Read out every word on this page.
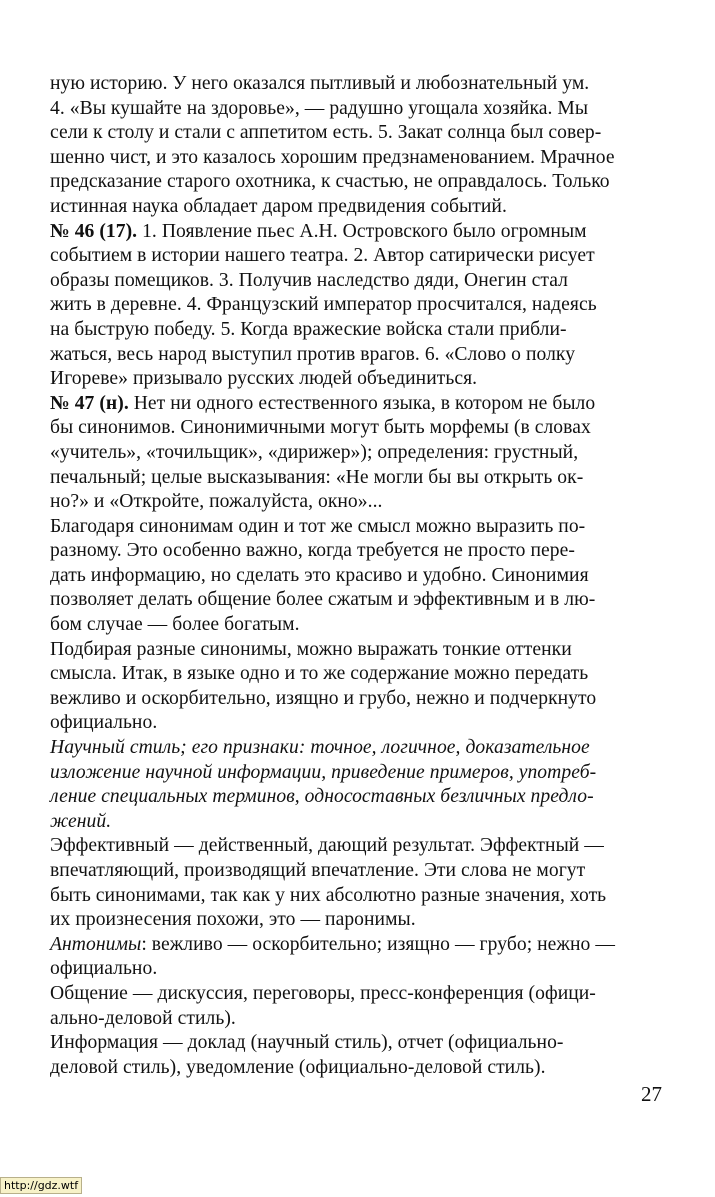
ную историю. У него оказался пытливый и любознательный ум.
4. «Вы кушайте на здоровье», — радушно угощала хозяйка. Мы
сели к столу и стали с аппетитом есть. 5. Закат солнца был совер-
шенно чист, и это казалось хорошим предзнаменованием. Мрачное
предсказание старого охотника, к счастью, не оправдалось. Только
истинная наука обладает даром предвидения событий.

№ 46 (17). 1. Появление пьес А.Н. Островского было огромным
событием в истории нашего театра. 2. Автор сатирически рисует
образы помещиков. 3. Получив наследство дяди, Онегин стал
жить в деревне. 4. Французский император просчитался, надеясь
на быструю победу. 5. Когда вражеские войска стали прибли-
жаться, весь народ выступил против врагов. 6. «Слово о полку
Игореве» призывало русских людей объединиться.

№ 47 (н). Нет ни одного естественного языка, в котором не было
бы синонимов. Синонимичными могут быть морфемы (в словах
«учитель», «точильщик», «дирижер»); определения: грустный,
печальный; целые высказывания: «Не могли бы вы открыть ок-
но?» и «Откройте, пожалуйста, окно»...

Благодаря синонимам один и тот же смысл можно выразить по-
разному. Это особенно важно, когда требуется не просто пере-
дать информацию, но сделать это красиво и удобно. Синонимия
позволяет делать общение более сжатым и эффективным и в лю-
бом случае — более богатым.

Подбирая разные синонимы, можно выражать тонкие оттенки
смысла. Итак, в языке одно и то же содержание можно передать
вежливо и оскорбительно, изящно и грубо, нежно и подчеркнуто
официально.

Научный стиль; его признаки: точное, логичное, доказательное
изложение научной информации, приведение примеров, употреб-
ление специальных терминов, односоставных безличных предло-
жений.

Эффективный — действенный, дающий результат. Эффектный —
впечатляющий, производящий впечатление. Эти слова не могут
быть синонимами, так как у них абсолютно разные значения, хоть
их произнесения похожи, это — паронимы.

Антонимы: вежливо — оскорбительно; изящно — грубо; нежно —
официально.

Общение — дискуссия, переговоры, пресс-конференция (офици-
ально-деловой стиль).

Информация — доклад (научный стиль), отчет (официально-
деловой стиль), уведомление (официально-деловой стиль).

27
http://gdz.wtf
